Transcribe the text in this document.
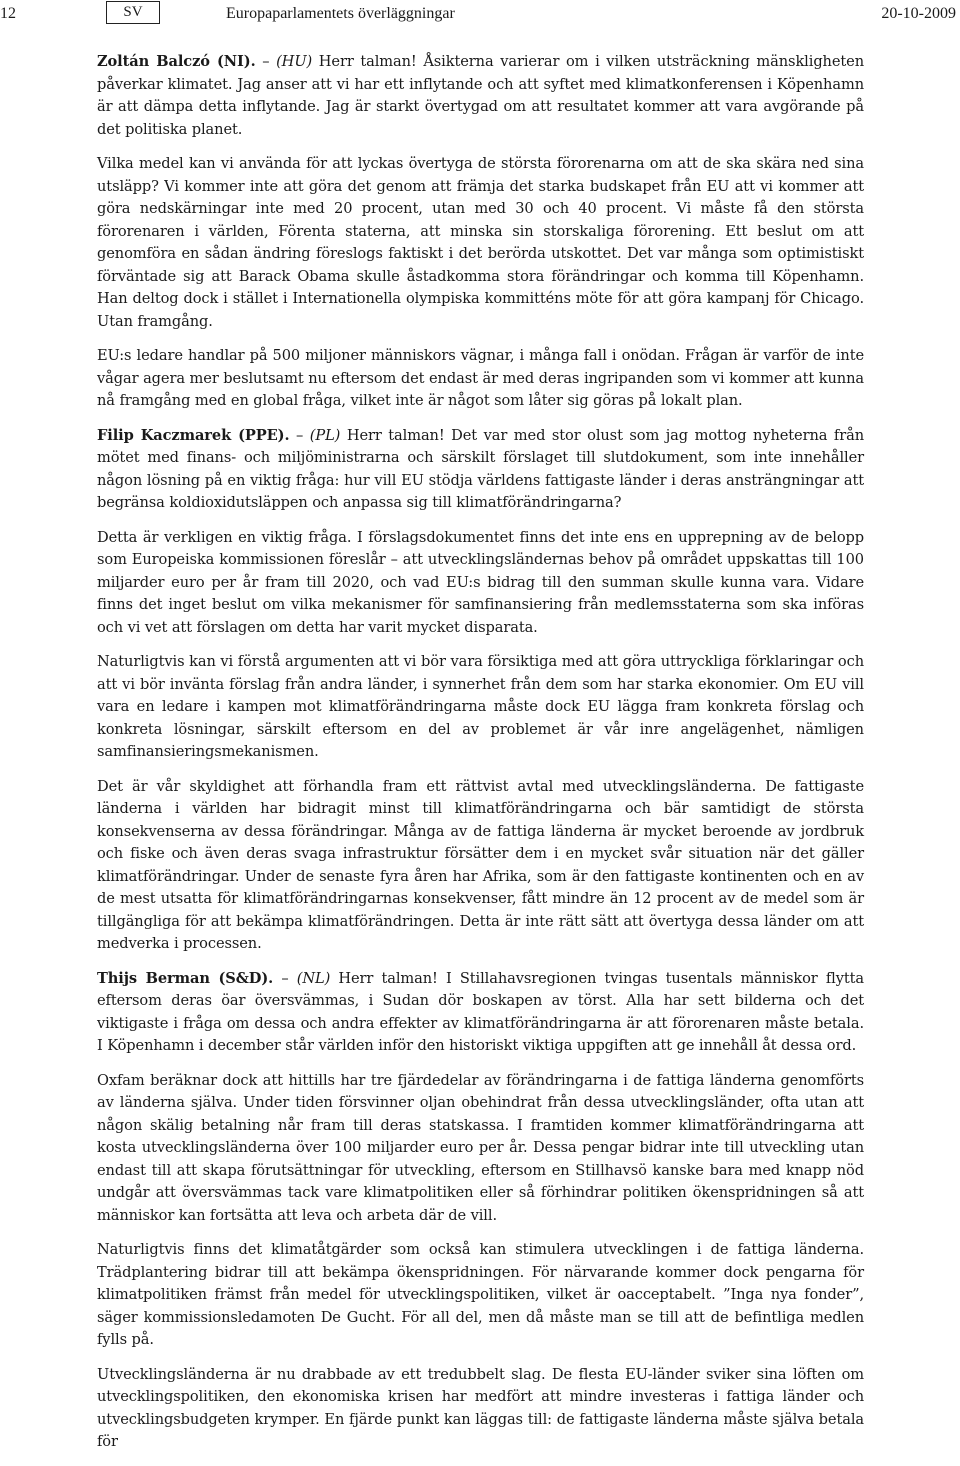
12	SV	Europaparlamentets överläggningar	20-10-2009

Zoltán Balczó (NI). – (HU) Herr talman! Åsikterna varierar om i vilken utsträckning mänskligheten påverkar klimatet. Jag anser att vi har ett inflytande och att syftet med klimatkonferensen i Köpenhamn är att dämpa detta inflytande. Jag är starkt övertygad om att resultatet kommer att vara avgörande på det politiska planet.

Vilka medel kan vi använda för att lyckas övertyga de största förorenarna om att de ska skära ned sina utsläpp? Vi kommer inte att göra det genom att främja det starka budskapet från EU att vi kommer att göra nedskärningar inte med 20 procent, utan med 30 och 40 procent. Vi måste få den största förorenaren i världen, Förenta staterna, att minska sin storskaliga förorening. Ett beslut om att genomföra en sådan ändring föreslogs faktiskt i det berörda utskottet. Det var många som optimistiskt förväntade sig att Barack Obama skulle åstadkomma stora förändringar och komma till Köpenhamn. Han deltog dock i stället i Internationella olympiska kommitténs möte för att göra kampanj för Chicago. Utan framgång.

EU:s ledare handlar på 500 miljoner människors vägnar, i många fall i onödan. Frågan är varför de inte vågar agera mer beslutsamt nu eftersom det endast är med deras ingripanden som vi kommer att kunna nå framgång med en global fråga, vilket inte är något som låter sig göras på lokalt plan.

Filip Kaczmarek (PPE). – (PL) Herr talman! Det var med stor olust som jag mottog nyheterna från mötet med finans- och miljöministrarna och särskilt förslaget till slutdokument, som inte innehåller någon lösning på en viktig fråga: hur vill EU stödja världens fattigaste länder i deras ansträngningar att begränsa koldioxidutsläppen och anpassa sig till klimatförändringarna?

Detta är verkligen en viktig fråga. I förslagsdokumentet finns det inte ens en upprepning av de belopp som Europeiska kommissionen föreslår – att utvecklingsländernas behov på området uppskattas till 100 miljarder euro per år fram till 2020, och vad EU:s bidrag till den summan skulle kunna vara. Vidare finns det inget beslut om vilka mekanismer för samfinansiering från medlemsstaterna som ska införas och vi vet att förslagen om detta har varit mycket disparata.

Naturligtvis kan vi förstå argumenten att vi bör vara försiktiga med att göra uttryckliga förklaringar och att vi bör invänta förslag från andra länder, i synnerhet från dem som har starka ekonomier. Om EU vill vara en ledare i kampen mot klimatförändringarna måste dock EU lägga fram konkreta förslag och konkreta lösningar, särskilt eftersom en del av problemet är vår inre angelägenhet, nämligen samfinansieringsmekanismen.

Det är vår skyldighet att förhandla fram ett rättvist avtal med utvecklingsländerna. De fattigaste länderna i världen har bidragit minst till klimatförändringarna och bär samtidigt de största konsekvenserna av dessa förändringar. Många av de fattiga länderna är mycket beroende av jordbruk och fiske och även deras svaga infrastruktur försätter dem i en mycket svår situation när det gäller klimatförändringar. Under de senaste fyra åren har Afrika, som är den fattigaste kontinenten och en av de mest utsatta för klimatförändringarnas konsekvenser, fått mindre än 12 procent av de medel som är tillgängliga för att bekämpa klimatförändringen. Detta är inte rätt sätt att övertyga dessa länder om att medverka i processen.

Thijs Berman (S&D). – (NL) Herr talman! I Stillahavsregionen tvingas tusentals människor flytta eftersom deras öar översvämmas, i Sudan dör boskapen av törst. Alla har sett bilderna och det viktigaste i fråga om dessa och andra effekter av klimatförändringarna är att förorenaren måste betala. I Köpenhamn i december står världen inför den historiskt viktiga uppgiften att ge innehåll åt dessa ord.

Oxfam beräknar dock att hittills har tre fjärdedelar av förändringarna i de fattiga länderna genomförts av länderna själva. Under tiden försvinner oljan obehindrat från dessa utvecklingsländer, ofta utan att någon skälig betalning når fram till deras statskassa. I framtiden kommer klimatförändringarna att kosta utvecklingsländerna över 100 miljarder euro per år. Dessa pengar bidrar inte till utveckling utan endast till att skapa förutsättningar för utveckling, eftersom en Stillhavsö kanske bara med knapp nöd undgår att översvämmas tack vare klimatpolitiken eller så förhindrar politiken ökenspridningen så att människor kan fortsätta att leva och arbeta där de vill.

Naturligtvis finns det klimatåtgärder som också kan stimulera utvecklingen i de fattiga länderna. Trädplantering bidrar till att bekämpa ökenspridningen. För närvarande kommer dock pengarna för klimatpolitiken främst från medel för utvecklingspolitiken, vilket är oacceptabelt. ”Inga nya fonder”, säger kommissionsledamoten De Gucht. För all del, men då måste man se till att de befintliga medlen fylls på.

Utvecklingsländerna är nu drabbade av ett tredubbelt slag. De flesta EU-länder sviker sina löften om utvecklingspolitiken, den ekonomiska krisen har medfört att mindre investeras i fattiga länder och utvecklingsbudgeten krymper. En fjärde punkt kan läggas till: de fattigaste länderna måste själva betala för
